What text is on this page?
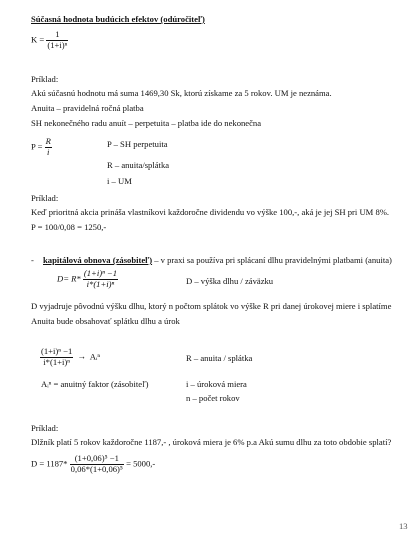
Súčasná hodnota budúcich efektov (odúročiteľ)
$K = \frac{1}{\text{(1+i)ⁿ}}$
Príklad:
Akú súčasnú hodnotu má suma 1469,30 Sk, ktorú získame za 5 rokov. UM je neznáma.
Anuita – pravidelná ročná platba
SH nekonečného radu anuít – perpetuita – platba ide do nekonečna
$P = \frac{R}{i}$	P – SH perpetuita
R – anuita/splátka
i – UM
Príklad:
Keď prioritná akcia prináša vlastníkovi každoročne dividendu vo výške 100,-, aká je jej SH pri UM 8%.
P = 100/0,08 = 1250,-
- kapitálová obnova (zásobiteľ) – v praxi sa používa pri splácaní dlhu pravidelnými platbami (anuita)
$D= R* \frac{\text{(1+i)ⁿ −1}}{\text{i*(1+i)ⁿ}}$	D – výška dlhu / záväzku
D vyjadruje pôvodnú výšku dlhu, ktorý n počtom splátok vo výške R pri danej úrokovej miere i splatíme
Anuita bude obsahovať splátku dlhu a úrok
$\frac{\text{(1+i)ⁿ −1}}{\text{i*(1+i)ⁿ}}$ → Aᵢⁿ	R – anuita / splátka
Aᵢⁿ = anuitný faktor (zásobiteľ)	i – úroková miera
n – počet rokov
Príklad:
Dlžník platí 5 rokov každoročne 1187,- , úroková miera je 6% p.a Akú sumu dlhu za toto obdobie splatí?
$D = 1187* \frac{\text{(1+0,06)⁵ −1}}{\text{0,06*(1+0,06)⁵}} = 5000,-$
13
